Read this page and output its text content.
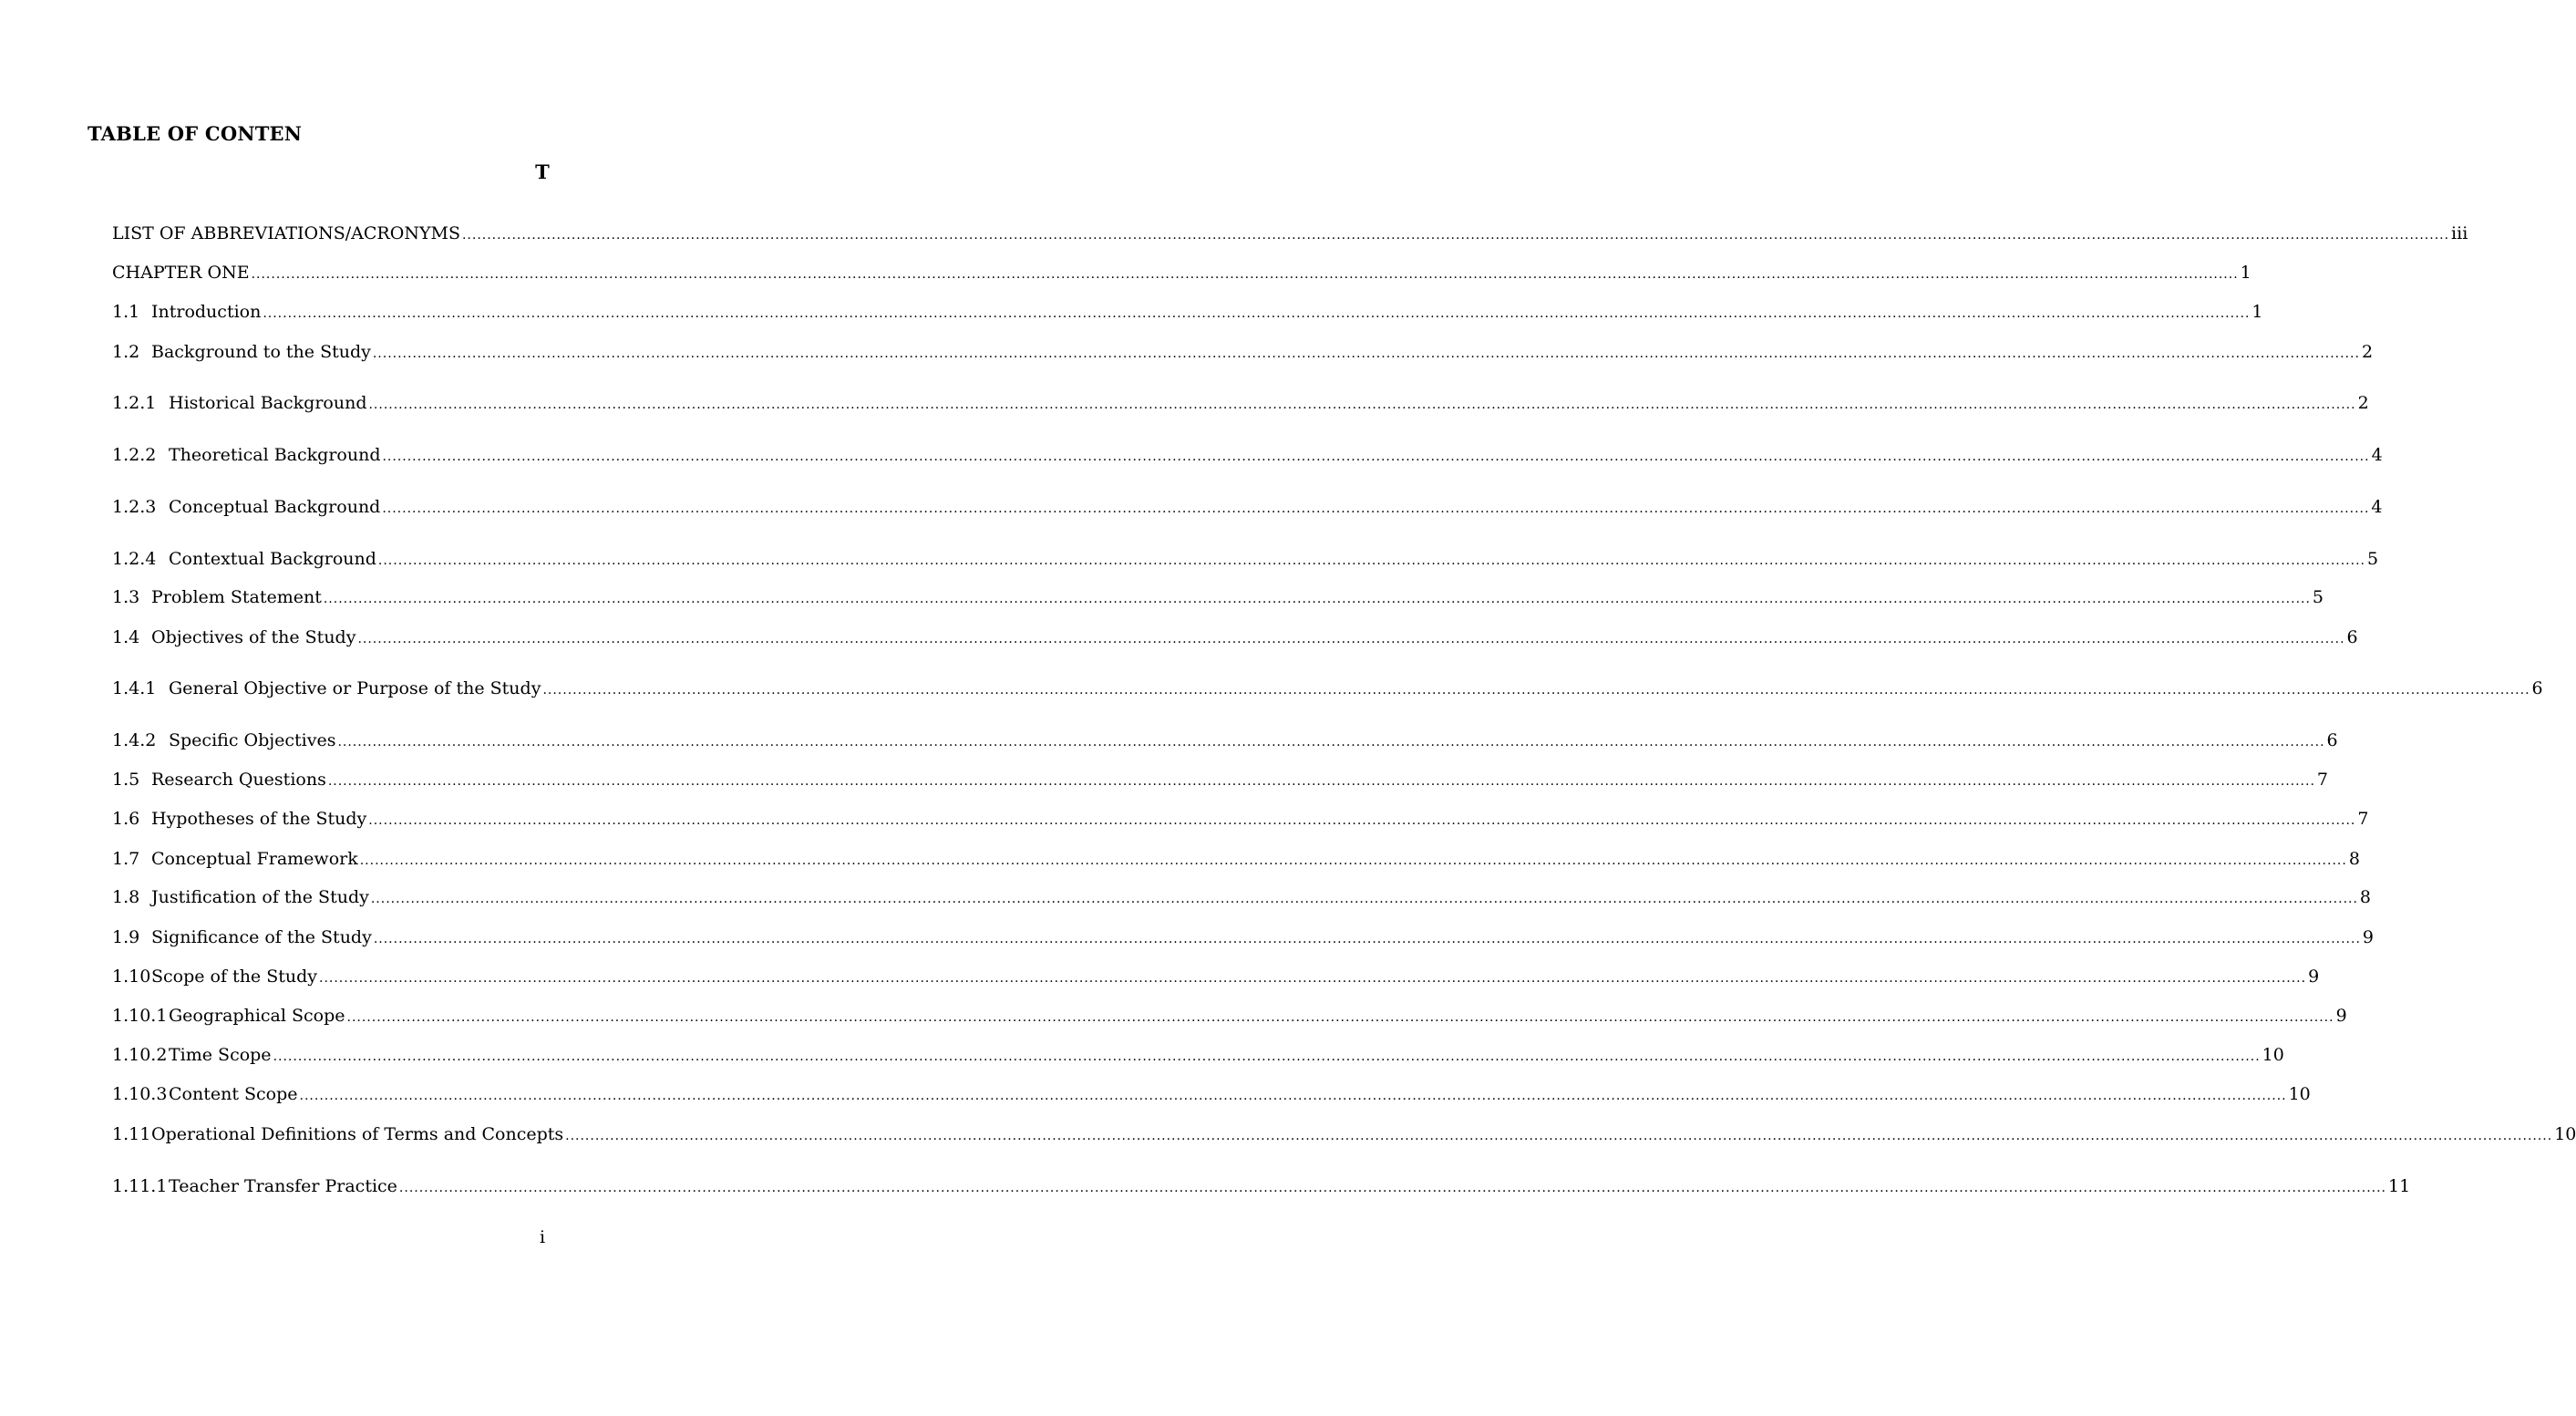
TABLE OF CONTEN
T
LIST OF ABBREVIATIONS/ACRONYMS ................................................................................................................................................................................................................................................................................................................................................................................................................ iii
CHAPTER ONE ................................................................................................................................................................................................................................................................................................................................................................................................................ 1
1.1 Introduction ................................................................................................................................................................................................................................................................................................................................................................................................................ 1
1.2 Background to the Study ................................................................................................................................................................................................................................................................................................................................................................................................................ 2
1.2.1 Historical Background ................................................................................................................................................................................................................................................................................................................................................................................................................ 2
1.2.2 Theoretical Background ................................................................................................................................................................................................................................................................................................................................................................................................................ 4
1.2.3 Conceptual Background ................................................................................................................................................................................................................................................................................................................................................................................................................ 4
1.2.4 Contextual Background ................................................................................................................................................................................................................................................................................................................................................................................................................ 5
1.3 Problem Statement ................................................................................................................................................................................................................................................................................................................................................................................................................ 5
1.4 Objectives of the Study ................................................................................................................................................................................................................................................................................................................................................................................................................ 6
1.4.1 General Objective or Purpose of the Study ................................................................................................................................................................................................................................................................................................................................................................................................................ 6
1.4.2 Specific Objectives ................................................................................................................................................................................................................................................................................................................................................................................................................ 6
1.5 Research Questions ................................................................................................................................................................................................................................................................................................................................................................................................................ 7
1.6 Hypotheses of the Study ................................................................................................................................................................................................................................................................................................................................................................................................................ 7
1.7 Conceptual Framework ................................................................................................................................................................................................................................................................................................................................................................................................................ 8
1.8 Justification of the Study ................................................................................................................................................................................................................................................................................................................................................................................................................ 8
1.9 Significance of the Study ................................................................................................................................................................................................................................................................................................................................................................................................................ 9
1.10 Scope of the Study ................................................................................................................................................................................................................................................................................................................................................................................................................ 9
1.10.1 Geographical Scope ................................................................................................................................................................................................................................................................................................................................................................................................................ 9
1.10.2 Time Scope ................................................................................................................................................................................................................................................................................................................................................................................................................ 10
1.10.3 Content Scope ................................................................................................................................................................................................................................................................................................................................................................................................................ 10
1.11 Operational Definitions of Terms and Concepts ................................................................................................................................................................................................................................................................................................................................................................................................................ 10
1.11.1 Teacher Transfer Practice ................................................................................................................................................................................................................................................................................................................................................................................................................ 11
i
